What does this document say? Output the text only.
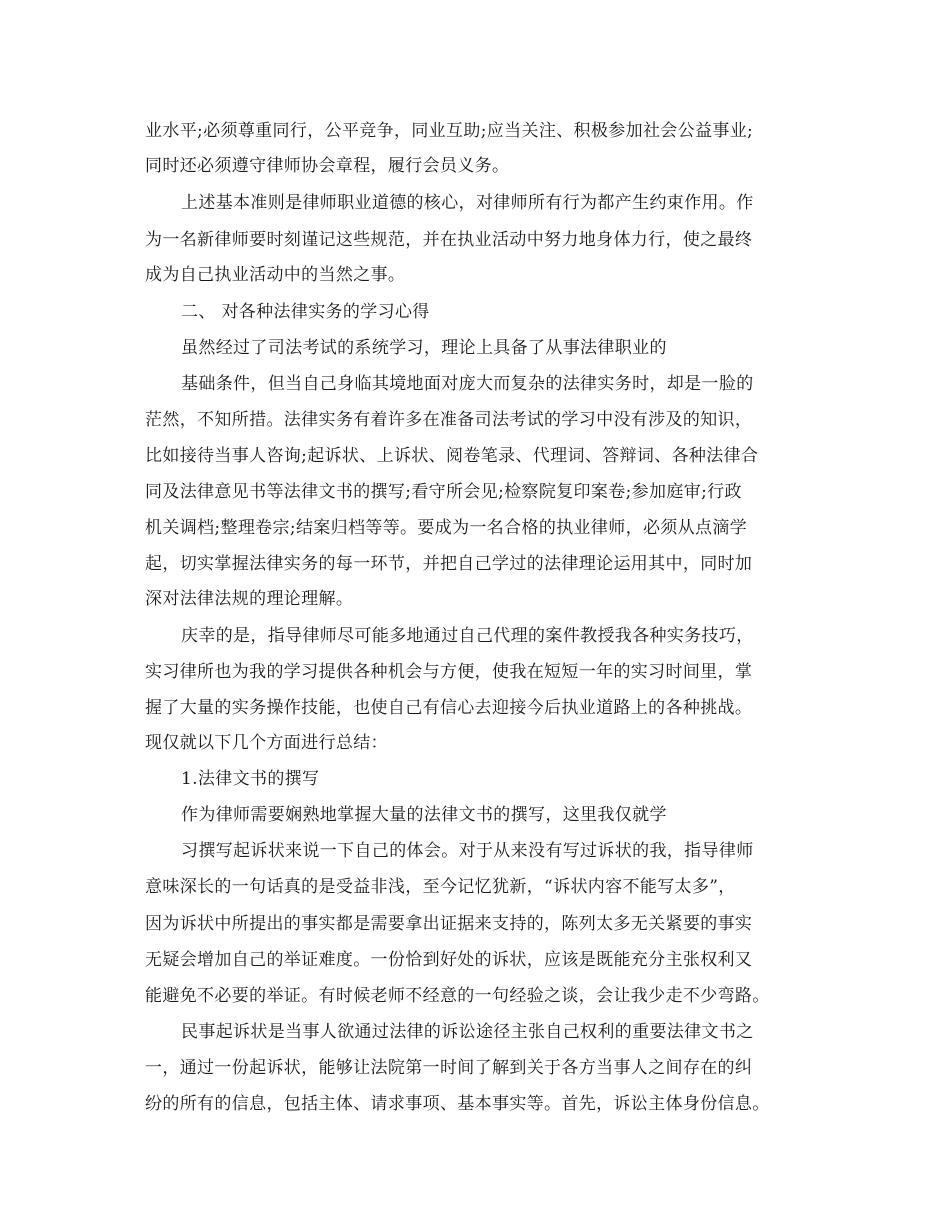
业水平;必须尊重同行，公平竞争，同业互助;应当关注、积极参加社会公益事业;
同时还必须遵守律师协会章程，履行会员义务。
上述基本准则是律师职业道德的核心，对律师所有行为都产生约束作用。作
为一名新律师要时刻谨记这些规范，并在执业活动中努力地身体力行，使之最终
成为自己执业活动中的当然之事。
二、 对各种法律实务的学习心得
虽然经过了司法考试的系统学习，理论上具备了从事法律职业的
基础条件，但当自己身临其境地面对庞大而复杂的法律实务时，却是一脸的
茫然，不知所措。法律实务有着许多在准备司法考试的学习中没有涉及的知识，
比如接待当事人咨询;起诉状、上诉状、阅卷笔录、代理词、答辩词、各种法律合
同及法律意见书等法律文书的撰写;看守所会见;检察院复印案卷;参加庭审;行政
机关调档;整理卷宗;结案归档等等。要成为一名合格的执业律师，必须从点滴学
起，切实掌握法律实务的每一环节，并把自己学过的法律理论运用其中，同时加
深对法律法规的理论理解。
庆幸的是，指导律师尽可能多地通过自己代理的案件教授我各种实务技巧，
实习律所也为我的学习提供各种机会与方便，使我在短短一年的实习时间里，掌
握了大量的实务操作技能，也使自己有信心去迎接今后执业道路上的各种挑战。
现仅就以下几个方面进行总结：
1.法律文书的撰写
作为律师需要娴熟地掌握大量的法律文书的撰写，这里我仅就学
习撰写起诉状来说一下自己的体会。对于从来没有写过诉状的我，指导律师
意味深长的一句话真的是受益非浅，至今记忆犹新，“诉状内容不能写太多”，
因为诉状中所提出的事实都是需要拿出证据来支持的，陈列太多无关紧要的事实
无疑会增加自己的举证难度。一份恰到好处的诉状，应该是既能充分主张权利又
能避免不必要的举证。有时候老师不经意的一句经验之谈，会让我少走不少弯路。
民事起诉状是当事人欲通过法律的诉讼途径主张自己权利的重要法律文书之
一，通过一份起诉状，能够让法院第一时间了解到关于各方当事人之间存在的纠
纷的所有的信息，包括主体、请求事项、基本事实等。首先，诉讼主体身份信息。
